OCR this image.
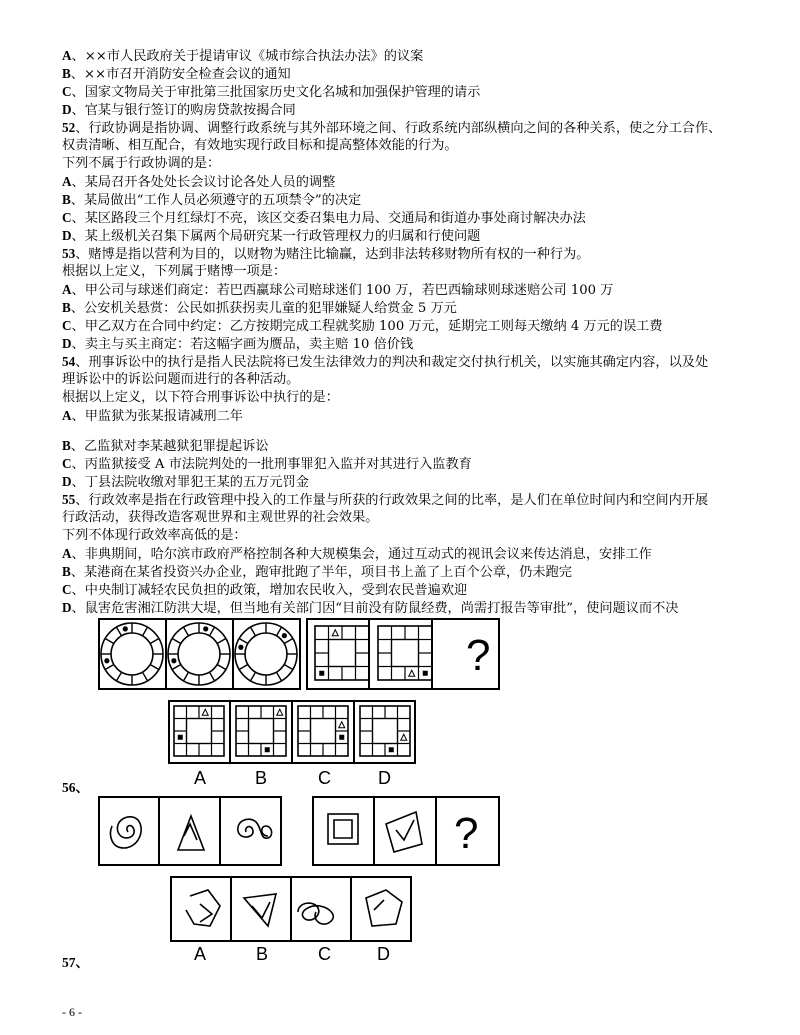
A、××市人民政府关于提请审议《城市综合执法办法》的议案
B、××市召开消防安全检查会议的通知
C、国家文物局关于审批第三批国家历史文化名城和加强保护管理的请示
D、官某与银行签订的购房贷款按揭合同
52、行政协调是指协调、调整行政系统与其外部环境之间、行政系统内部纵横向之间的各种关系，使之分工合作、
权责清晰、相互配合，有效地实现行政目标和提高整体效能的行为。
下列不属于行政协调的是：
A、某局召开各处处长会议讨论各处人员的调整
B、某局做出“工作人员必须遵守的五项禁令”的决定
C、某区路段三个月红绿灯不亮，该区交委召集电力局、交通局和街道办事处商讨解决办法
D、某上级机关召集下属两个局研究某一行政管理权力的归属和行使问题
53、赌博是指以营利为目的，以财物为赌注比输赢，达到非法转移财物所有权的一种行为。
根据以上定义，下列属于赌博一项是：
A、甲公司与球迷们商定：若巴西赢球公司赔球迷们 100 万，若巴西输球则球迷赔公司 100 万
B、公安机关悬赏：公民如抓获拐卖儿童的犯罪嫌疑人给赏金 5 万元
C、甲乙双方在合同中约定：乙方按期完成工程就奖励 100 万元，延期完工则每天缴纳 4 万元的误工费
D、卖主与买主商定：若这幅字画为赝品，卖主赔 10 倍价钱
54、刑事诉讼中的执行是指人民法院将已发生法律效力的判决和裁定交付执行机关，以实施其确定内容，以及处
理诉讼中的诉讼问题而进行的各种活动。
根据以上定义，以下符合刑事诉讼中执行的是：
A、甲监狱为张某报请减刑二年
B、乙监狱对李某越狱犯罪提起诉讼
C、丙监狱接受 A 市法院判处的一批刑事罪犯入监并对其进行入监教育
D、丁县法院收缴对罪犯王某的五万元罚金
55、行政效率是指在行政管理中投入的工作量与所获的行政效果之间的比率，是人们在单位时间内和空间内开展
行政活动，获得改造客观世界和主观世界的社会效果。
下列不体现行政效率高低的是：
A、非典期间，哈尔滨市政府严格控制各种大规模集会，通过互动式的视讯会议来传达消息，安排工作
B、某港商在某省投资兴办企业，跑审批跑了半年，项目书上盖了上百个公章，仍未跑完
C、中央制订减轻农民负担的政策，增加农民收入，受到农民普遍欢迎
D、鼠害危害湘江防洪大堤，但当地有关部门因“目前没有防鼠经费，尚需打报告等审批”，使问题议而不决
?
A	B	C	D
56、
?
A	B	C	D
57、
- 6 -
